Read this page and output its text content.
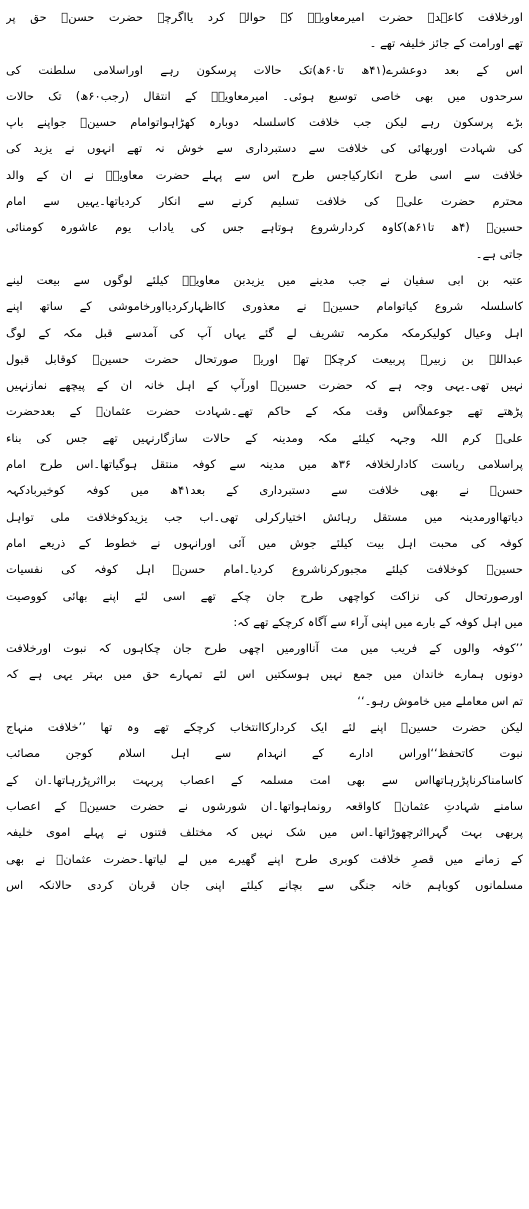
اورخلافت کاعہدہ حضرت امیرمعاویہؓ کے حوالے کرد یااگرچہ حضرت حسنؓ حق پر
تھے اورامت کے جائز خلیفہ تھے ۔
اس کے بعد دوعشرے(۴۱ھ تا۶۰ھ)تک حالات پرسکون رہے اوراسلامی سلطنت کی
سرحدوں میں بھی خاصی توسیع ہوئی۔ امیرمعاویہؓ کے انتقال (رجب۶۰ھ) تک حالات
بڑے پرسکون رہے لیکن جب خلافت کاسلسلہ دوبارہ کھڑاہواتوامام حسینؓ جواپنے باپ
کی شہادت اوربھائی کی خلافت سے دستبرداری سے خوش نہ تھے انہوں نے یزید کی
خلافت سے اسی طرح انکارکیاجس طرح اس سے پہلے حضرت معاویہؓ نے ان کے والد
محترم حضرت علیؓ کی خلافت تسلیم کرنے سے انکار کردیاتھا۔یہیں سے امام
حسینؓ (۴ھ تا۶۱ھ)کاوہ کردارشروع ہوتاہے جس کی یاداب یوم عاشورہ کومنائی
جاتی ہے۔
عتبہ بن ابی سفیان نے جب مدینے میں یزیدبن معاویہؓ کیلئے لوگوں سے بیعت لینے
کاسلسلہ شروع کیاتوامام حسینؓ نے معذوری کااظہارکردیااورخاموشی کے ساتھ اپنے
اہل وعیال کولیکرمکہ مکرمہ تشریف لے گئے یہاں آپ کی آمدسے قبل مکہ کے لوگ
عبداللہ بن زبیرؓ پربیعت کرچکے تھے اوریہ صورتحال حضرت حسینؓ کوقابل قبول
نہیں تھی۔یہی وجہ ہے کہ حضرت حسینؓ اورآپ کے اہل خانہ ان کے پیچھے نمازنہیں
پڑھتے تھے جوعملاًاس وقت مکہ کے حاکم تھے۔شہادت حضرت عثمانؓ کے بعدحضرت
علیؓ کرم اللہ وجہہ کیلئے مکہ ومدینہ کے حالات سازگارنہیں تھے جس کی بناء
پراسلامی ریاست کادارلخلافہ ۳۶ھ میں مدینہ سے کوفہ منتقل ہوگیاتھا۔اس طرح امام
حسنؓ نے بھی خلافت سے دستبرداری کے بعد۴۱ھ میں کوفہ کوخیربادکہہ
دیاتھااورمدینہ میں مستقل رہائش اختیارکرلی تھی۔اب جب یزیدکوخلافت ملی تواہل
کوفہ کی محبت اہل بیت کیلئے جوش میں آئی اورانہوں نے خطوط کے ذریعے امام
حسینؓ کوخلافت کیلئے مجبورکرناشروع کردیا۔امام حسنؓ اہل کوفہ کی نفسیات
اورصورتحال کی نزاکت کواچھی طرح جان چکے تھے اسی لئے اپنے بھائی کووصیت
میں اہل کوفہ کے بارے میں اپنی آراء سے آگاہ کرچکے تھے کہ:
’’کوفہ والوں کے فریب میں مت آنااورمیں اچھی طرح جان چکاہوں کہ نبوت اورخلافت
دونوں ہمارے خاندان میں جمع نہیں ہوسکتیں اس لئے تمہارے حق میں بہتر یہی ہے کہ
تم اس معاملے میں خاموش رہو۔‘‘
لیکن حضرت حسینؓ اپنے لئے ایک کردارکاانتخاب کرچکے تھے وہ تھا ’’خلافت منہاج
نبوت کاتحفظ‘‘اوراس ادارے کے انہدام سے اہل اسلام کوجن مصائب
کاسامناکرناپڑرہاتھااس سے بھی امت مسلمہ کے اعصاب پربہت برااثرپڑرہاتھا۔ان کے
سامنے شہادتِ عثمانؓ کاواقعہ رونماہواتھا۔ان شورشوں نے حضرت حسینؓ کے اعصاب
پربھی بہت گہرااثرچھوڑاتھا۔اس میں شک نہیں کہ مختلف فتنوں نے پہلے اموی خلیفہ
کے زمانے میں قصرِ خلافت کوبری طرح اپنے گھیرے میں لے لیاتھا۔حضرت عثمانؓ نے بھی
مسلمانوں کوباہم خانہ جنگی سے بچانے کیلئے اپنی جان قربان کردی حالانکہ اس
